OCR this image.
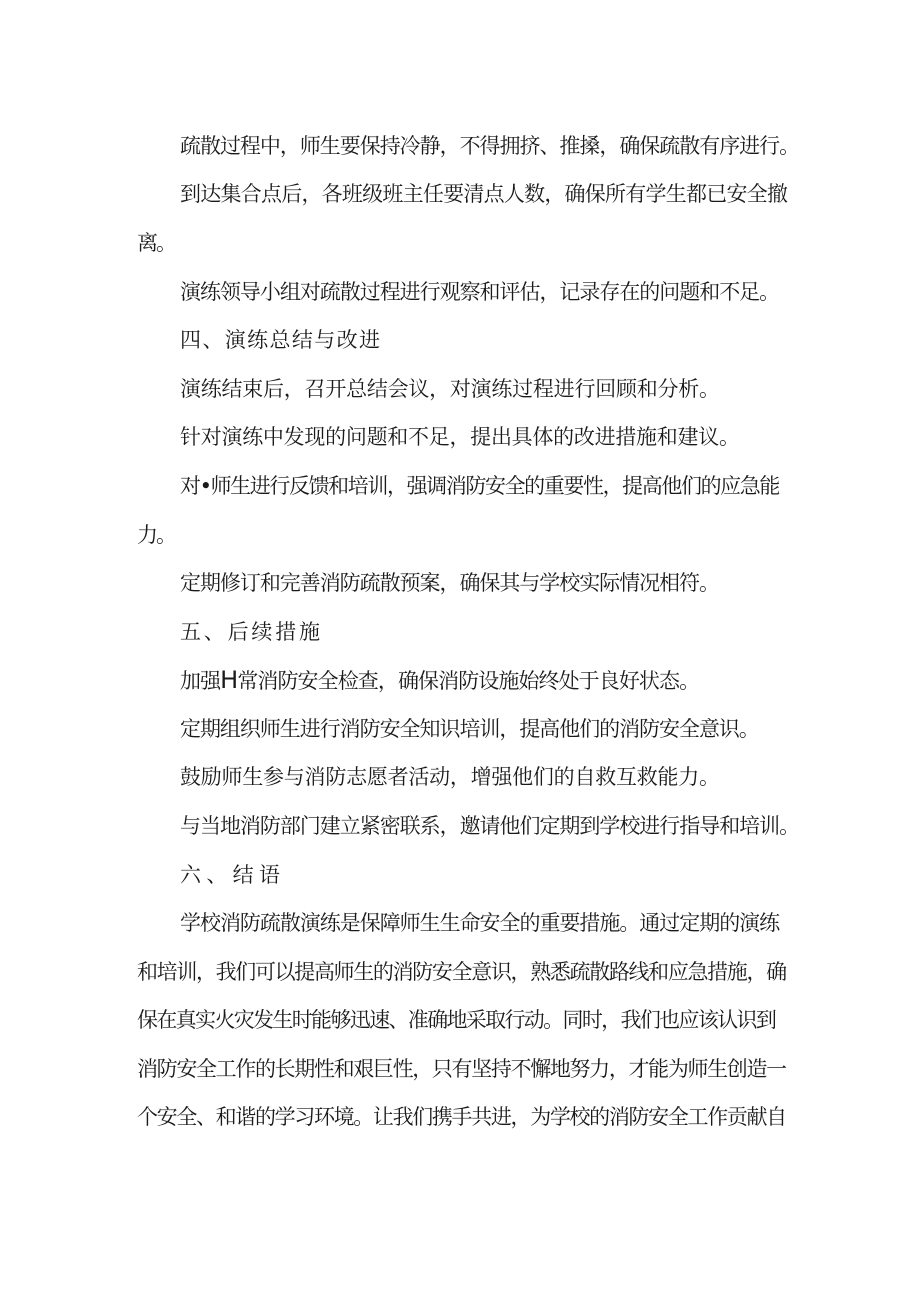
疏散过程中，师生要保持冷静，不得拥挤、推搡，确保疏散有序进行。
到达集合点后，各班级班主任要清点人数，确保所有学生都已安全撤
离。
演练领导小组对疏散过程进行观察和评估，记录存在的问题和不足。
四、演练总结与改进
演练结束后，召开总结会议，对演练过程进行回顾和分析。
针对演练中发现的问题和不足，提出具体的改进措施和建议。
对•师生进行反馈和培训，强调消防安全的重要性，提高他们的应急能
力。
定期修订和完善消防疏散预案，确保其与学校实际情况相符。
五、后续措施
加强H常消防安全检查，确保消防设施始终处于良好状态。
定期组织师生进行消防安全知识培训，提高他们的消防安全意识。
鼓励师生参与消防志愿者活动，增强他们的自救互救能力。
与当地消防部门建立紧密联系，邀请他们定期到学校进行指导和培训。
六、结语
学校消防疏散演练是保障师生生命安全的重要措施。通过定期的演练
和培训，我们可以提高师生的消防安全意识，熟悉疏散路线和应急措施，确
保在真实火灾发生时能够迅速、准确地采取行动。同时，我们也应该认识到
消防安全工作的长期性和艰巨性，只有坚持不懈地努力，才能为师生创造一
个安全、和谐的学习环境。让我们携手共进，为学校的消防安全工作贡献自
